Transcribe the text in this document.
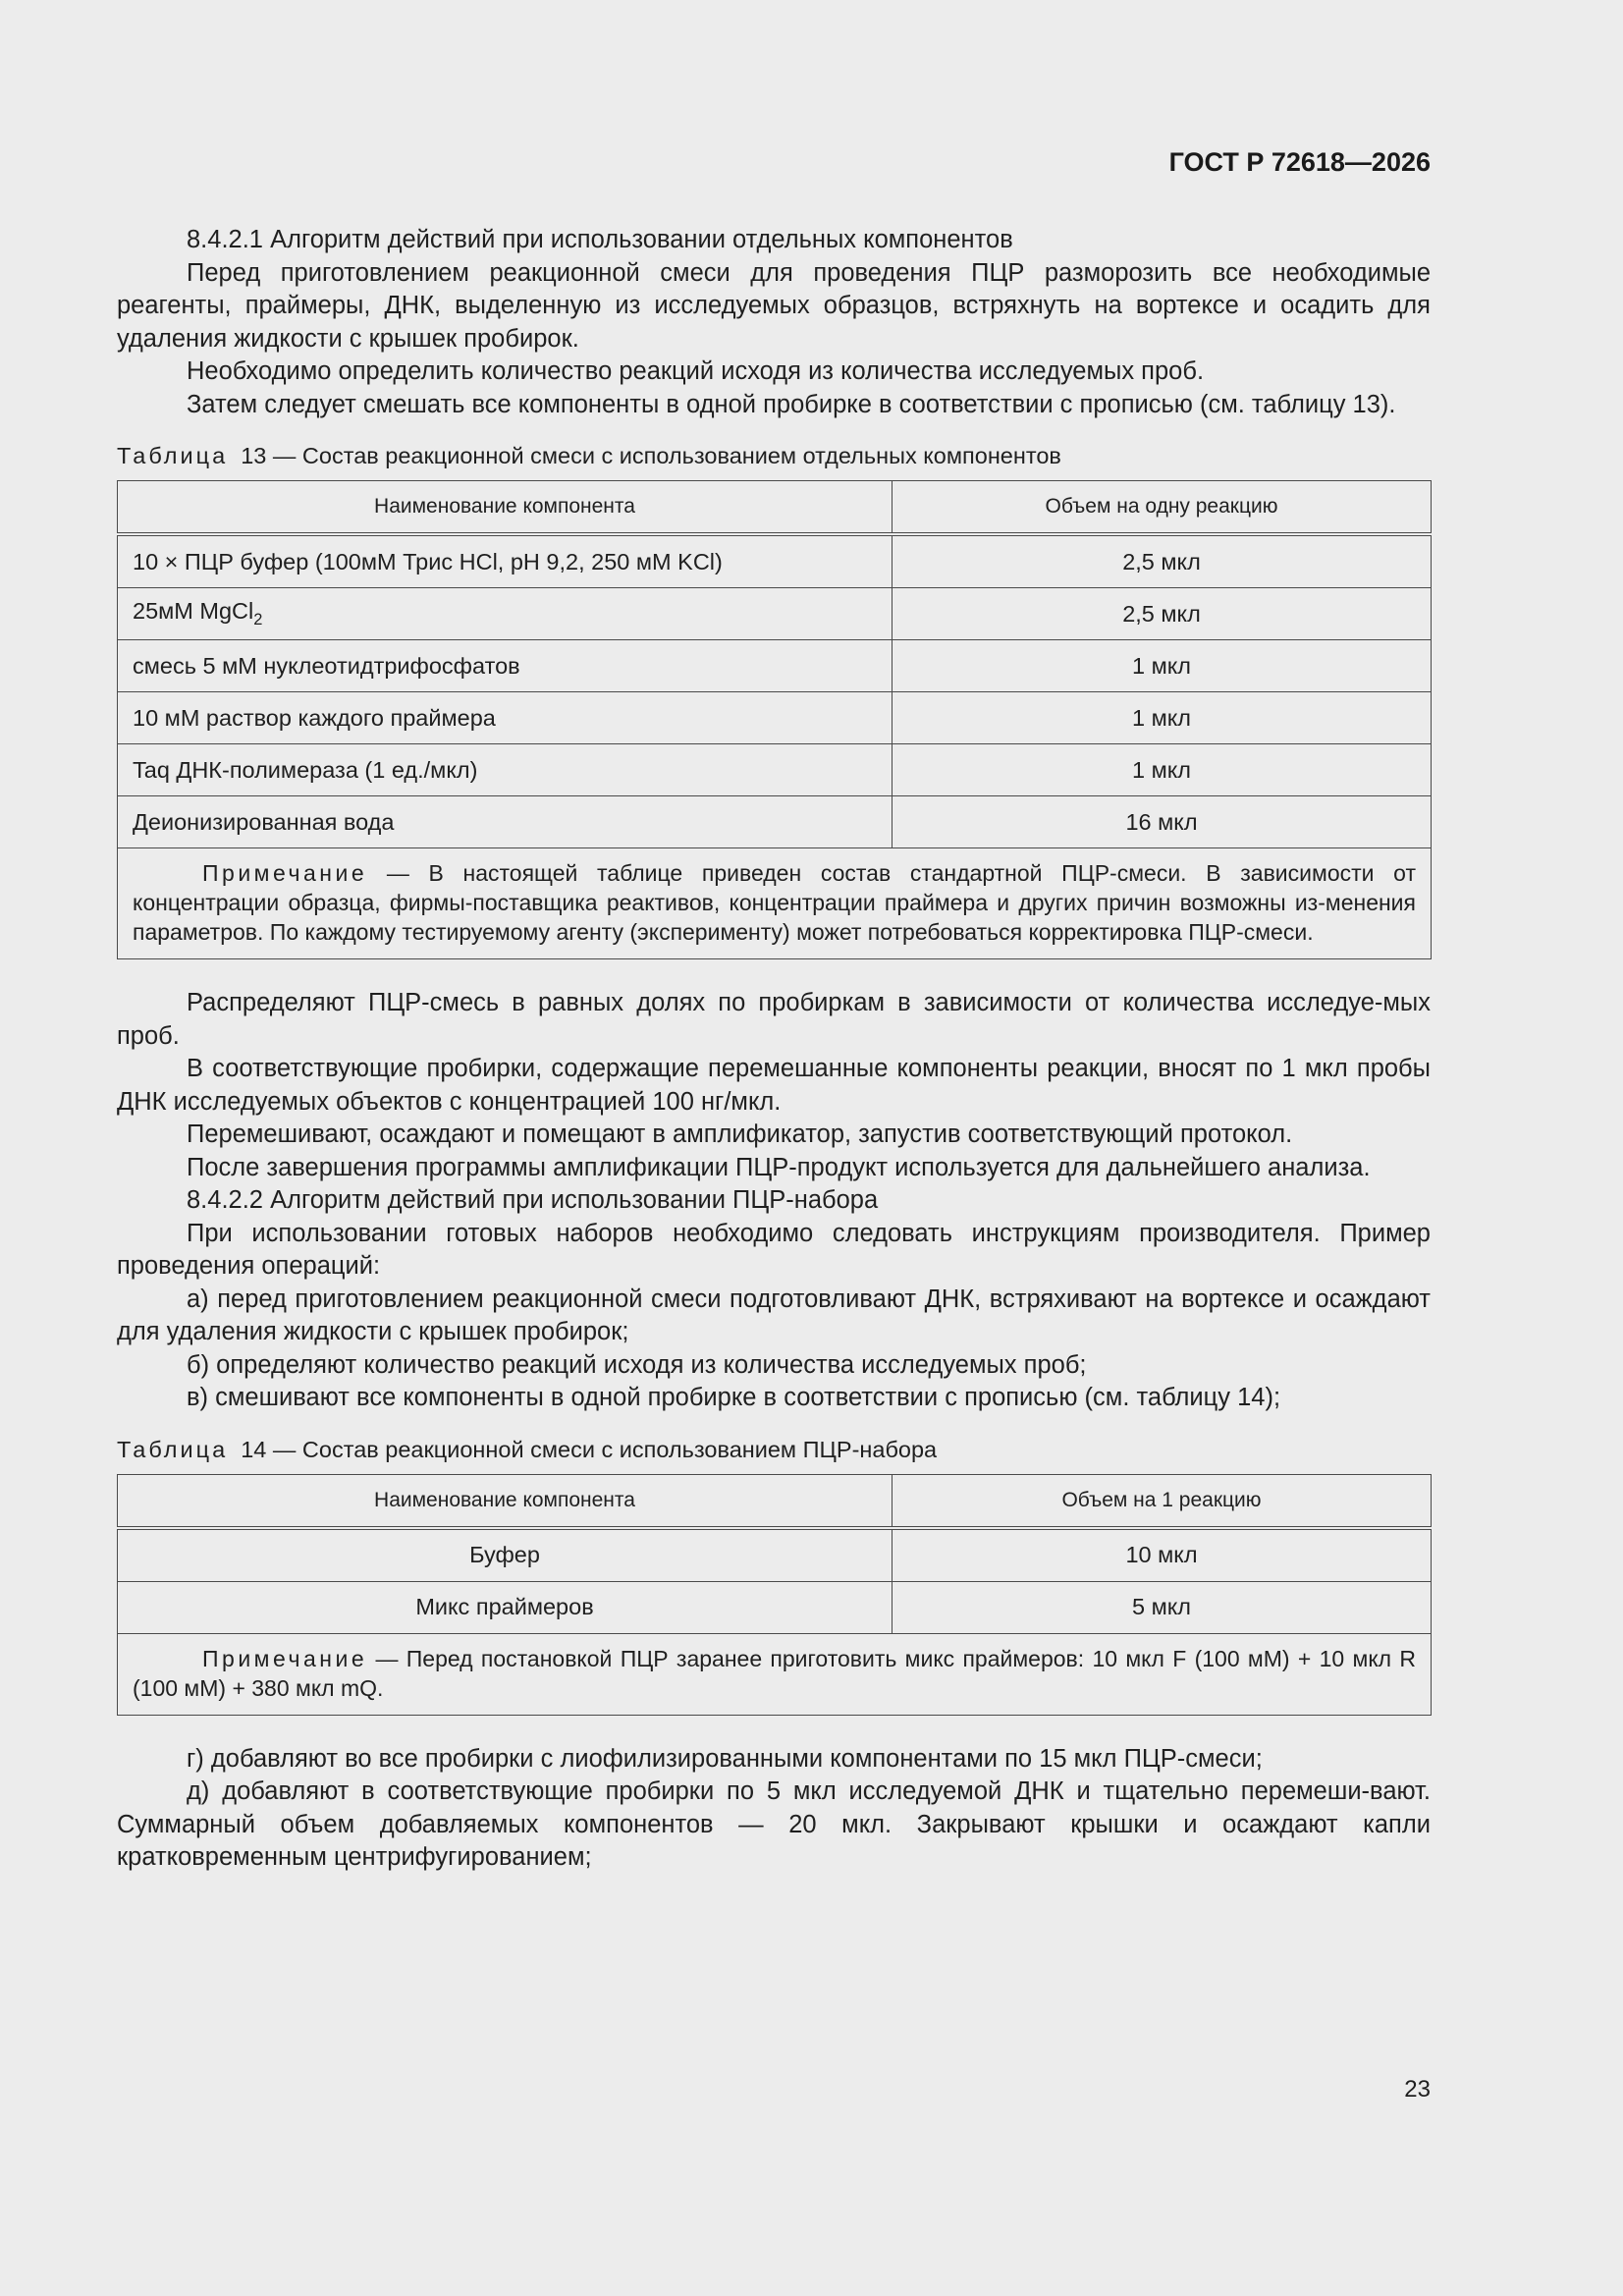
ГОСТ Р 72618—2026

8.4.2.1 Алгоритм действий при использовании отдельных компонентов

Перед приготовлением реакционной смеси для проведения ПЦР разморозить все необходимые реагенты, праймеры, ДНК, выделенную из исследуемых образцов, встряхнуть на вортексе и осадить для удаления жидкости с крышек пробирок.

Необходимо определить количество реакций исходя из количества исследуемых проб.

Затем следует смешать все компоненты в одной пробирке в соответствии с прописью (см. таблицу 13).

Таблица 13 — Состав реакционной смеси с использованием отдельных компонентов
Наименование компонента	Объем на одну реакцию
10 × ПЦР буфер (100мМ Трис HCl, pH 9,2, 250 мМ KCl)	2,5 мкл
25мМ MgCl$_2$	2,5 мкл
смесь 5 мМ нуклеотидтрифосфатов	1 мкл
10 мМ раствор каждого праймера	1 мкл
Taq ДНК-полимераза (1 ед./мкл)	1 мкл
Деионизированная вода	16 мкл
Примечание — В настоящей таблице приведен состав стандартной ПЦР-смеси. В зависимости от концентрации образца, фирмы-поставщика реактивов, концентрации праймера и других причин возможны из-менения параметров. По каждому тестируемому агенту (эксперименту) может потребоваться корректировка ПЦР-смеси.	

Распределяют ПЦР-смесь в равных долях по пробиркам в зависимости от количества исследуе-мых проб.

В соответствующие пробирки, содержащие перемешанные компоненты реакции, вносят по 1 мкл пробы ДНК исследуемых объектов с концентрацией 100 нг/мкл.

Перемешивают, осаждают и помещают в амплификатор, запустив соответствующий протокол.

После завершения программы амплификации ПЦР-продукт используется для дальнейшего анализа.

8.4.2.2 Алгоритм действий при использовании ПЦР-набора

При использовании готовых наборов необходимо следовать инструкциям производителя. Пример проведения операций:

а) перед приготовлением реакционной смеси подготовливают ДНК, встряхивают на вортексе и осаждают для удаления жидкости с крышек пробирок;

б) определяют количество реакций исходя из количества исследуемых проб;

в) смешивают все компоненты в одной пробирке в соответствии с прописью (см. таблицу 14);

Таблица 14 — Состав реакционной смеси с использованием ПЦР-набора
Наименование компонента	Объем на 1 реакцию
Буфер	10 мкл
Микс праймеров	5 мкл
Примечание — Перед постановкой ПЦР заранее приготовить микс праймеров: 10 мкл F (100 мМ) + 10 мкл R (100 мМ) + 380 мкл mQ.	

г) добавляют во все пробирки с лиофилизированными компонентами по 15 мкл ПЦР-смеси;

д) добавляют в соответствующие пробирки по 5 мкл исследуемой ДНК и тщательно перемеши-вают. Суммарный объем добавляемых компонентов — 20 мкл. Закрывают крышки и осаждают капли кратковременным центрифугированием;

23
